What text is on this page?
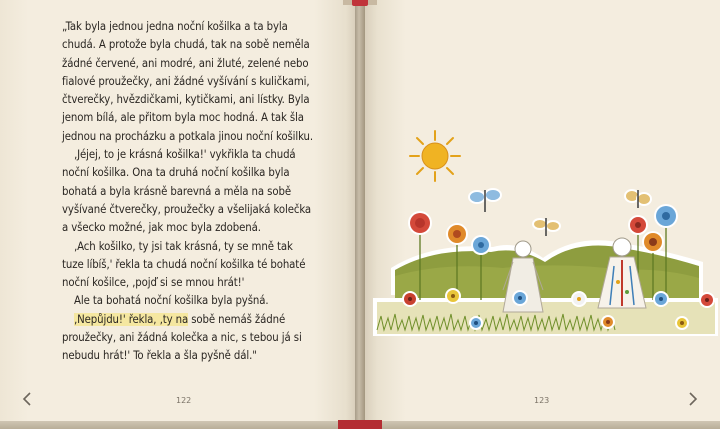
„Tak byla jednou jedna noční košilka a ta byla
chudá. A protože byla chudá, tak na sobě neměla
žádné červené, ani modré, ani žluté, zelené nebo
fialové proužečky, ani žádné vyšívání s kuličkami,
čtverečky, hvězdičkami, kytičkami, ani lístky. Byla
jenom bílá, ale přitom byla moc hodná. A tak šla
jednou na procházku a potkala jinou noční košilku.
‚Jéjej, to je krásná košilka!' vykřikla ta chudá
noční košilka. Ona ta druhá noční košilka byla
bohatá a byla krásně barevná a měla na sobě
vyšívané čtverečky, proužečky a všelijaká kolečka
a všecko možné, jak moc byla zdobená.
‚Ach košilko, ty jsi tak krásná, ty se mně tak
tuze líbíš,' řekla ta chudá noční košilka té bohaté
noční košilce, ‚pojď si se mnou hrát!'
Ale ta bohatá noční košilka byla pyšná.
‚Nepůjdu!' řekla, ‚ty na sobě nemáš žádné
proužečky, ani žádná kolečka a nic, s tebou já si
nebudu hrát!' To řekla a šla pyšně dál."
122	123
